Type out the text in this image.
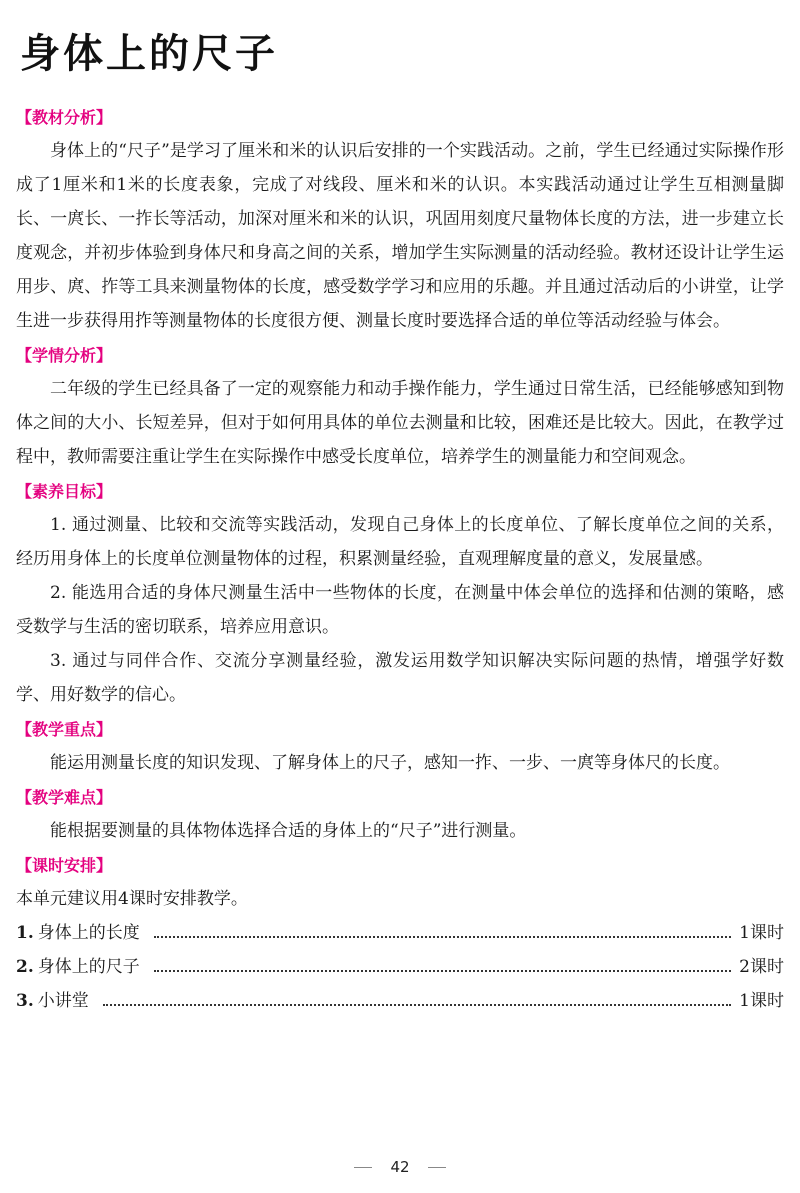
身体上的尺子
【教材分析】

身体上的“尺子”是学习了厘米和米的认识后安排的一个实践活动。之前，学生已经通过实际操作形成了1厘米和1米的长度表象，完成了对线段、厘米和米的认识。本实践活动通过让学生互相测量脚长、一庹长、一拃长等活动，加深对厘米和米的认识，巩固用刻度尺量物体长度的方法，进一步建立长度观念，并初步体验到身体尺和身高之间的关系，增加学生实际测量的活动经验。教材还设计让学生运用步、庹、拃等工具来测量物体的长度，感受数学学习和应用的乐趣。并且通过活动后的小讲堂，让学生进一步获得用拃等测量物体的长度很方便、测量长度时要选择合适的单位等活动经验与体会。

【学情分析】

二年级的学生已经具备了一定的观察能力和动手操作能力，学生通过日常生活，已经能够感知到物体之间的大小、长短差异，但对于如何用具体的单位去测量和比较，困难还是比较大。因此，在教学过程中，教师需要注重让学生在实际操作中感受长度单位，培养学生的测量能力和空间观念。

【素养目标】

1. 通过测量、比较和交流等实践活动，发现自己身体上的长度单位、了解长度单位之间的关系，经历用身体上的长度单位测量物体的过程，积累测量经验，直观理解度量的意义，发展量感。

2. 能选用合适的身体尺测量生活中一些物体的长度，在测量中体会单位的选择和估测的策略，感受数学与生活的密切联系，培养应用意识。

3. 通过与同伴合作、交流分享测量经验，激发运用数学知识解决实际问题的热情，增强学好数学、用好数学的信心。

【教学重点】

能运用测量长度的知识发现、了解身体上的尺子，感知一拃、一步、一庹等身体尺的长度。

【教学难点】

能根据要测量的具体物体选择合适的身体上的“尺子”进行测量。

【课时安排】

本单元建议用4课时安排教学。

1. 身体上的长度	1课时
2. 身体上的尺子	2课时
3. 小讲堂	1课时
42
